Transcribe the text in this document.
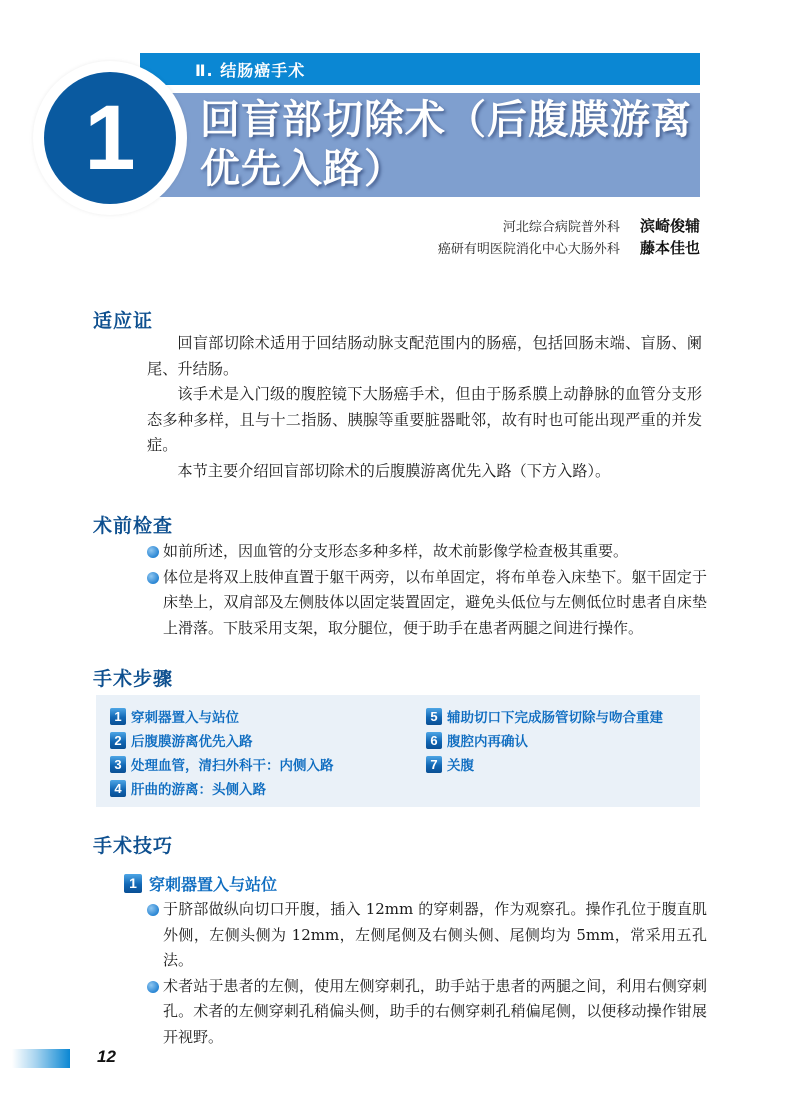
Ⅱ. 结肠癌手术
回盲部切除术（后腹膜游离优先入路）
1
河北综合病院普外科 滨崎俊辅
癌研有明医院消化中心大肠外科 藤本佳也
适应证

回盲部切除术适用于回结肠动脉支配范围内的肠癌，包括回肠末端、盲肠、阑尾、升结肠。

该手术是入门级的腹腔镜下大肠癌手术，但由于肠系膜上动静脉的血管分支形态多种多样，且与十二指肠、胰腺等重要脏器毗邻，故有时也可能出现严重的并发症。

本节主要介绍回盲部切除术的后腹膜游离优先入路（下方入路）。

术前检查
如前所述，因血管的分支形态多种多样，故术前影像学检查极其重要。
体位是将双上肢伸直置于躯干两旁，以布单固定，将布单卷入床垫下。躯干固定于床垫上，双肩部及左侧肢体以固定装置固定，避免头低位与左侧低位时患者自床垫上滑落。下肢采用支架，取分腿位，便于助手在患者两腿之间进行操作。
手术步骤
1 穿刺器置入与站位
2 后腹膜游离优先入路
3 处理血管，清扫外科干：内侧入路
4 肝曲的游离：头侧入路
5 辅助切口下完成肠管切除与吻合重建
6 腹腔内再确认
7 关腹
手术技巧
1 穿刺器置入与站位
于脐部做纵向切口开腹，插入 12mm 的穿刺器，作为观察孔。操作孔位于腹直肌外侧，左侧头侧为 12mm，左侧尾侧及右侧头侧、尾侧均为 5mm，常采用五孔法。
术者站于患者的左侧，使用左侧穿刺孔，助手站于患者的两腿之间，利用右侧穿刺孔。术者的左侧穿刺孔稍偏头侧，助手的右侧穿刺孔稍偏尾侧，以便移动操作钳展开视野。
12
